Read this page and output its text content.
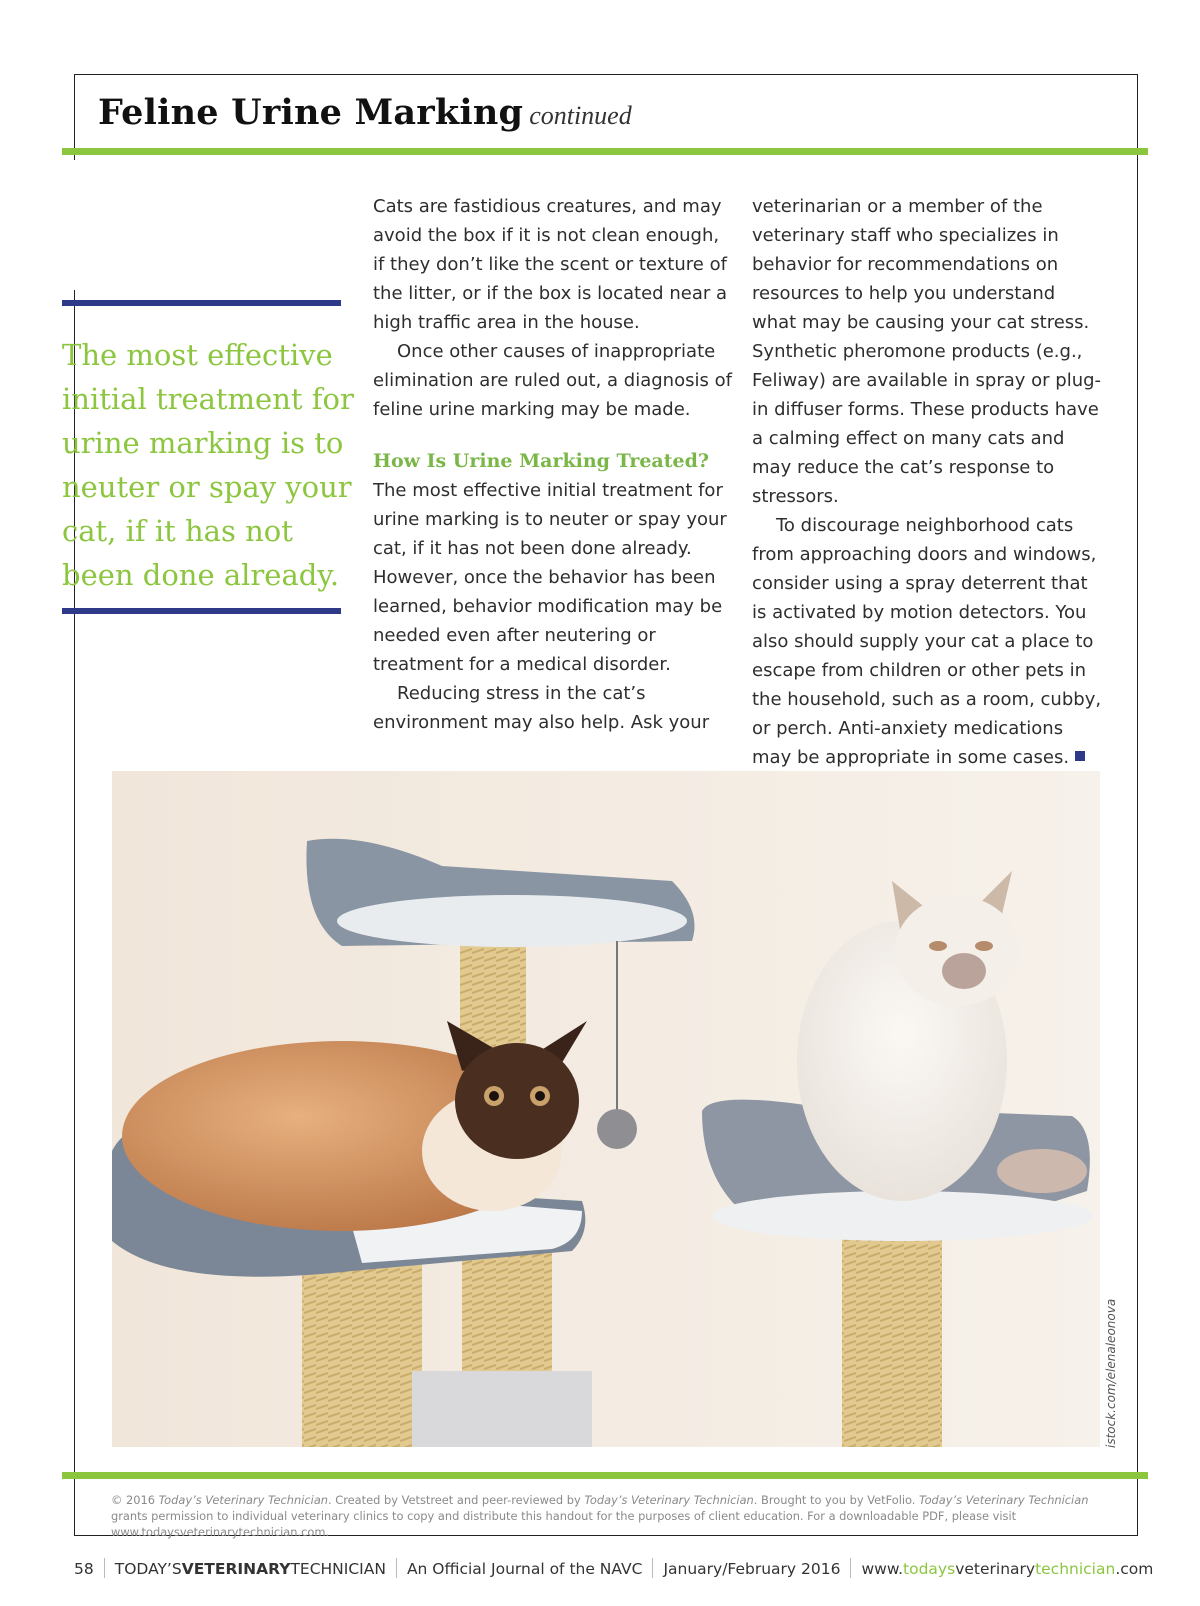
Feline Urine Marking continued

The most effective initial treatment for urine marking is to neuter or spay your cat, if it has not been done already.

Cats are fastidious creatures, and may avoid the box if it is not clean enough, if they don’t like the scent or texture of the litter, or if the box is located near a high traffic area in the house.

Once other causes of inappropriate elimination are ruled out, a diagnosis of feline urine marking may be made.

How Is Urine Marking Treated?

The most effective initial treatment for urine marking is to neuter or spay your cat, if it has not been done already. However, once the behavior has been learned, behavior modification may be needed even after neutering or treatment for a medical disorder.

Reducing stress in the cat’s environment may also help. Ask your

veterinarian or a member of the veterinary staff who specializes in behavior for recommendations on resources to help you understand what may be causing your cat stress. Synthetic pheromone products (e.g., Feliway) are available in spray or plug-in diffuser forms. These products have a calming effect on many cats and may reduce the cat’s response to stressors.

To discourage neighborhood cats from approaching doors and windows, consider using a spray deterrent that is activated by motion detectors. You also should supply your cat a place to escape from children or other pets in the household, such as a room, cubby, or perch. Anti-anxiety medications may be appropriate in some cases.

istock.com/elenaleonova

© 2016 Today’s Veterinary Technician. Created by Vetstreet and peer-reviewed by Today’s Veterinary Technician. Brought to you by VetFolio. Today’s Veterinary Technician grants permission to individual veterinary clinics to copy and distribute this handout for the purposes of client education. For a downloadable PDF, please visit www.todaysveterinarytechnician.com.

58 TODAY’SVETERINARYTECHNICIAN An Official Journal of the NAVC January/February 2016 www.todaysveterinarytechnician.com
